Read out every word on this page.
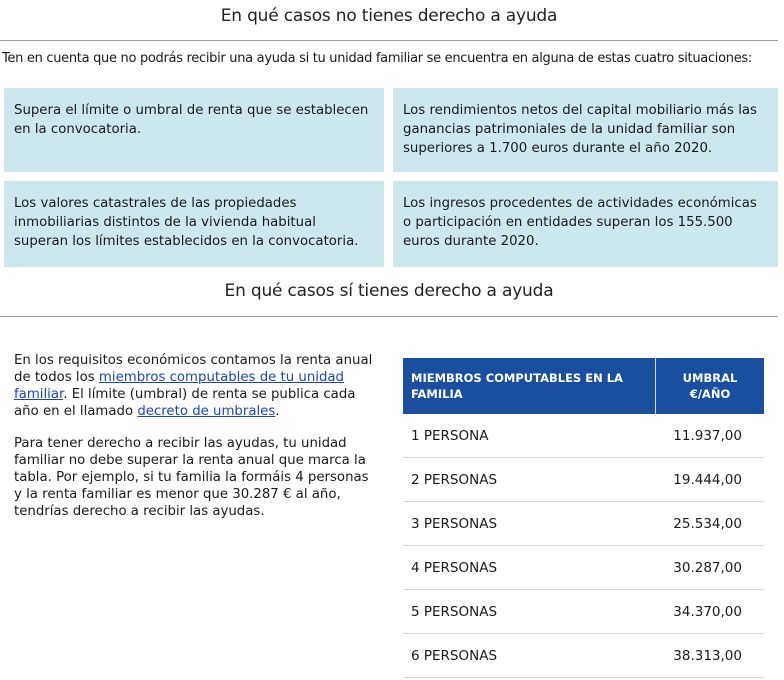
En qué casos no tienes derecho a ayuda
Ten en cuenta que no podrás recibir una ayuda si tu unidad familiar se encuentra en alguna de estas cuatro situaciones:
Supera el límite o umbral de renta que se establecen en la convocatoria.
Los rendimientos netos del capital mobiliario más las ganancias patrimoniales de la unidad familiar son superiores a 1.700 euros durante el año 2020.
Los valores catastrales de las propiedades inmobiliarias distintos de la vivienda habitual superan los límites establecidos en la convocatoria.
Los ingresos procedentes de actividades económicas o participación en entidades superan los 155.500 euros durante 2020.
En qué casos sí tienes derecho a ayuda
En los requisitos económicos contamos la renta anual de todos los miembros computables de tu unidad familiar. El límite (umbral) de renta se publica cada año en el llamado decreto de umbrales.
Para tener derecho a recibir las ayudas, tu unidad familiar no debe superar la renta anual que marca la tabla. Por ejemplo, si tu familia la formáis 4 personas y la renta familiar es menor que 30.287 € al año, tendrías derecho a recibir las ayudas.
MIEMBROS COMPUTABLES EN LA FAMILIA	UMBRAL €/AÑO
1 PERSONA	11.937,00
2 PERSONAS	19.444,00
3 PERSONAS	25.534,00
4 PERSONAS	30.287,00
5 PERSONAS	34.370,00
6 PERSONAS	38.313,00
